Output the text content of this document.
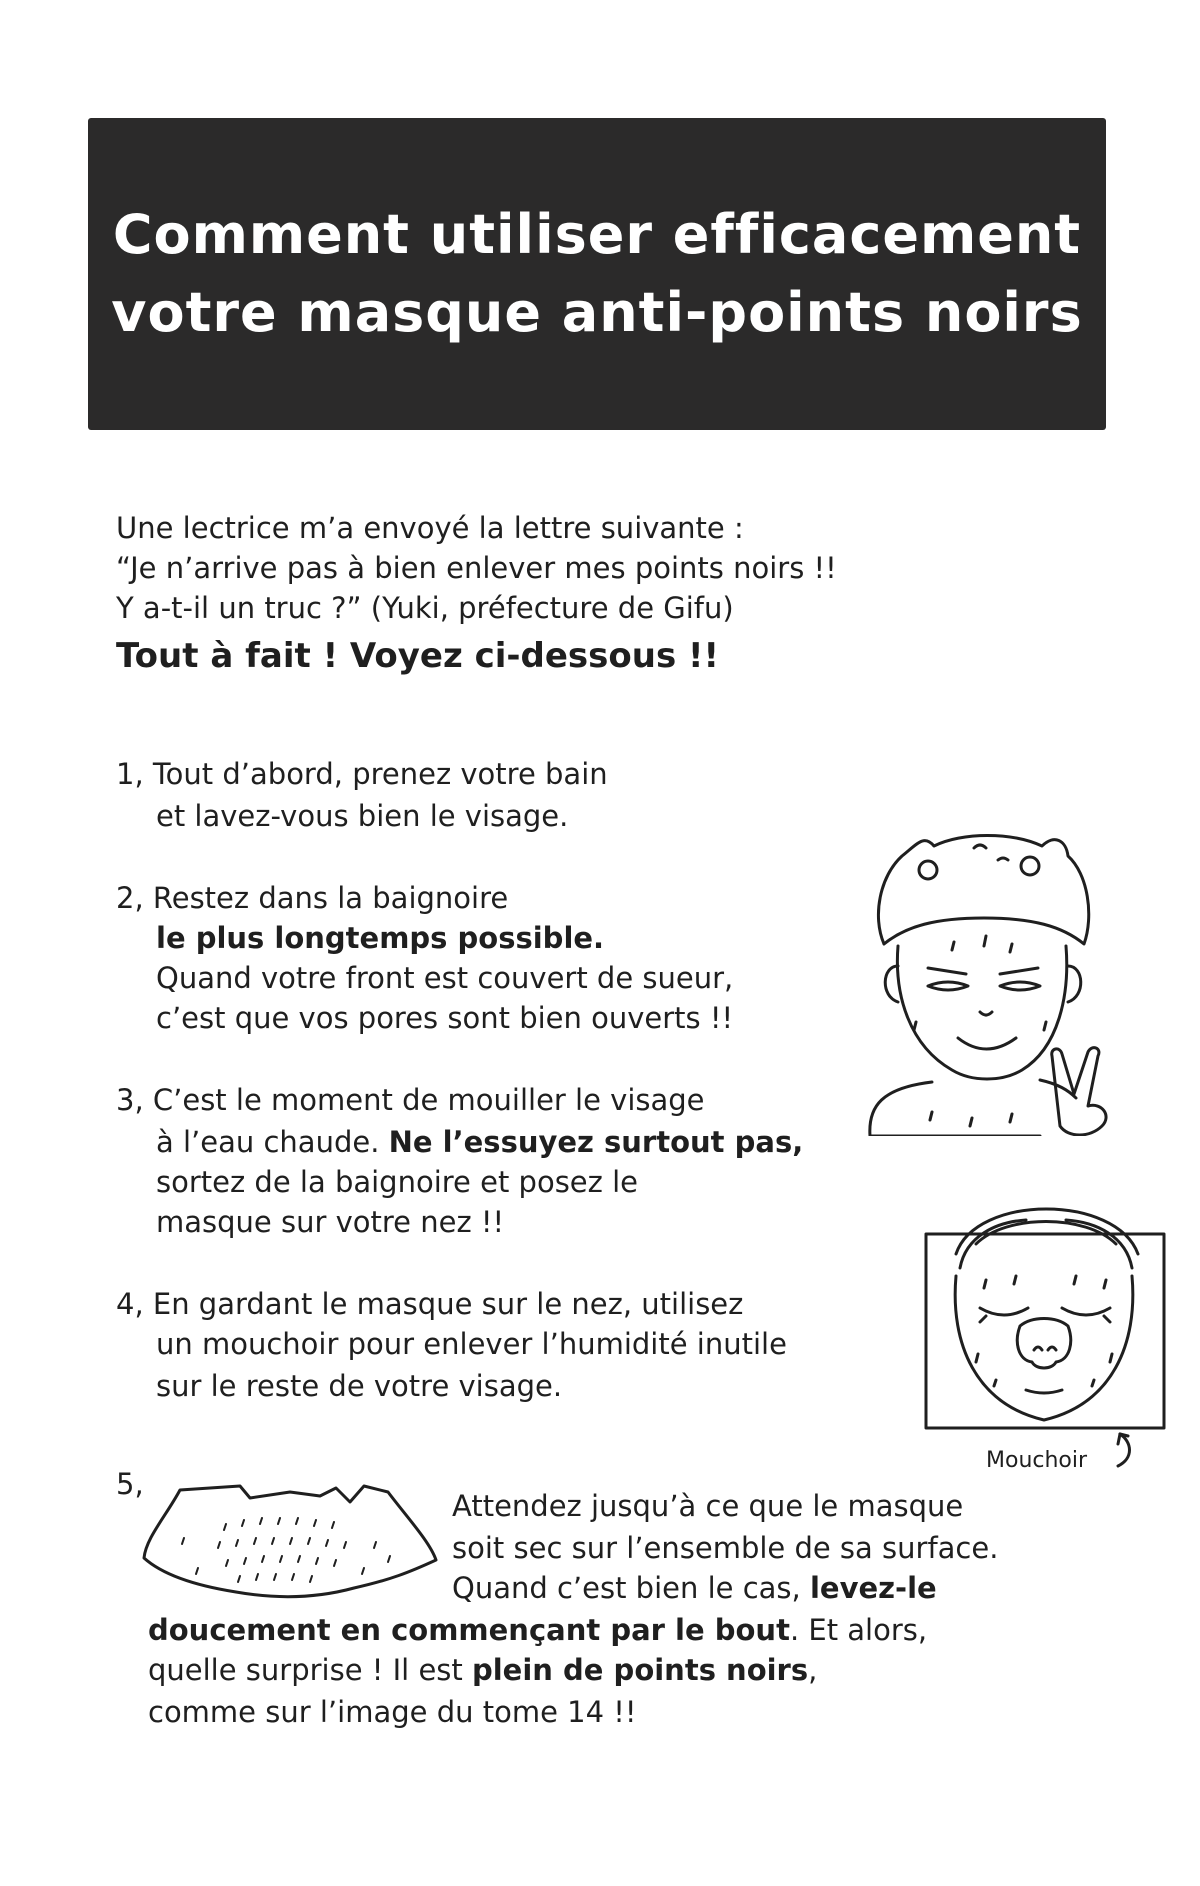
Comment utiliser efficacement
votre masque anti-points noirs
Une lectrice m’a envoyé la lettre suivante :
“Je n’arrive pas à bien enlever mes points noirs !!
Y a-t-il un truc ?” (Yuki, préfecture de Gifu)
Tout à fait ! Voyez ci-dessous !!
1, Tout d’abord, prenez votre bain
et lavez-vous bien le visage.
2, Restez dans la baignoire
le plus longtemps possible.
Quand votre front est couvert de sueur,
c’est que vos pores sont bien ouverts !!
3, C’est le moment de mouiller le visage
à l’eau chaude. Ne l’essuyez surtout pas,
sortez de la baignoire et posez le
masque sur votre nez !!
4, En gardant le masque sur le nez, utilisez
un mouchoir pour enlever l’humidité inutile
sur le reste de votre visage.
5,
Attendez jusqu’à ce que le masque
soit sec sur l’ensemble de sa surface.
Quand c’est bien le cas, levez-le
doucement en commençant par le bout. Et alors,
quelle surprise ! Il est plein de points noirs,
comme sur l’image du tome 14 !!
Mouchoir
